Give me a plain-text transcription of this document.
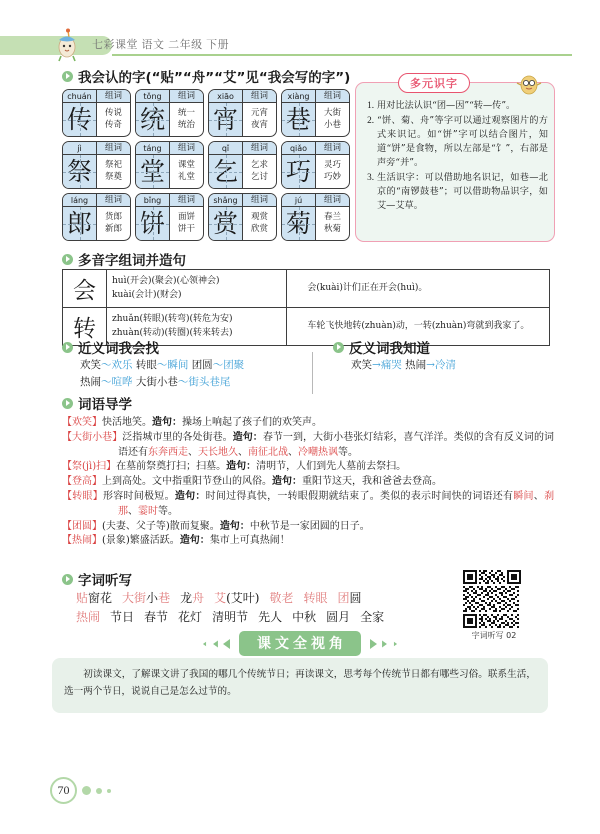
七彩课堂 语文 二年级 下册
我会认的字(“贴”“舟”“艾”见“我会写的字”)
chuán	组词
传	传说
传奇
tǒng	组词
统	统一
统治
xiāo	组词
宵	元宵
夜宵
xiàng	组词
巷	大街
小巷
jì	组词
祭	祭祀
祭奠
táng	组词
堂	课堂
礼堂
qǐ	组词
乞	乞求
乞讨
qiǎo	组词
巧	灵巧
巧妙
láng	组词
郎	货郎
新郎
bǐng	组词
饼	面饼
饼干
shǎng	组词
赏	观赏
欣赏
jú	组词
菊	春兰
秋菊
多元识字
1. 用对比法认识“团—因”“转—传”。
2. “饼、菊、舟”等字可以通过观察图片的方式来识记。如“饼”字可以结合图片，知道“饼”是食物，所以左部是“饣”，右部是声旁“并”。
3. 生活识字：可以借助地名识记，如巷—北京的“南锣鼓巷”；可以借助物品识字，如艾—艾草。
多音字组词并造句
会	huì(开会)(聚会)(心领神会)
kuài(会计)(财会)	会(kuài)计们正在开会(huì)。
转	zhuǎn(转眼)(转弯)(转危为安)
zhuàn(转动)(转圈)(转来转去)	车轮飞快地转(zhuàn)动，一转(zhuàn)弯就到我家了。
近义词我会找
欢笑～欢乐 转眼～瞬间 团圆～团聚
热闹～喧哗 大街小巷～街头巷尾
反义词我知道
欢笑→痛哭 热闹→冷清
词语导学
【欢笑】快活地笑。造句：操场上响起了孩子们的欢笑声。
【大街小巷】泛指城市里的各处街巷。造句：春节一到，大街小巷张灯结彩，喜气洋洋。类似的含有反义词的词语还有东奔西走、天长地久、南征北战、冷嘲热讽等。
【祭(jì)扫】在墓前祭奠打扫；扫墓。造句：清明节，人们到先人墓前去祭扫。
【登高】上到高处。文中指重阳节登山的风俗。造句：重阳节这天，我和爸爸去登高。
【转眼】形容时间极短。造句：时间过得真快，一转眼假期就结束了。类似的表示时间快的词语还有瞬间、刹那、霎时等。
【团圆】(夫妻、父子等)散而复聚。造句：中秋节是一家团圆的日子。
【热闹】(景象)繁盛活跃。造句：集市上可真热闹！
字词听写
贴窗花 大街小巷 龙舟 艾(艾叶) 敬老 转眼 团圆
热闹 节日 春节 花灯 清明节 先人 中秋 圆月 全家
字词听写 02
课文全视角
初读课文，了解课文讲了我国的哪几个传统节日；再读课文，思考每个传统节日都有哪些习俗。联系生活，选一两个节日，说说自己是怎么过节的。
70
